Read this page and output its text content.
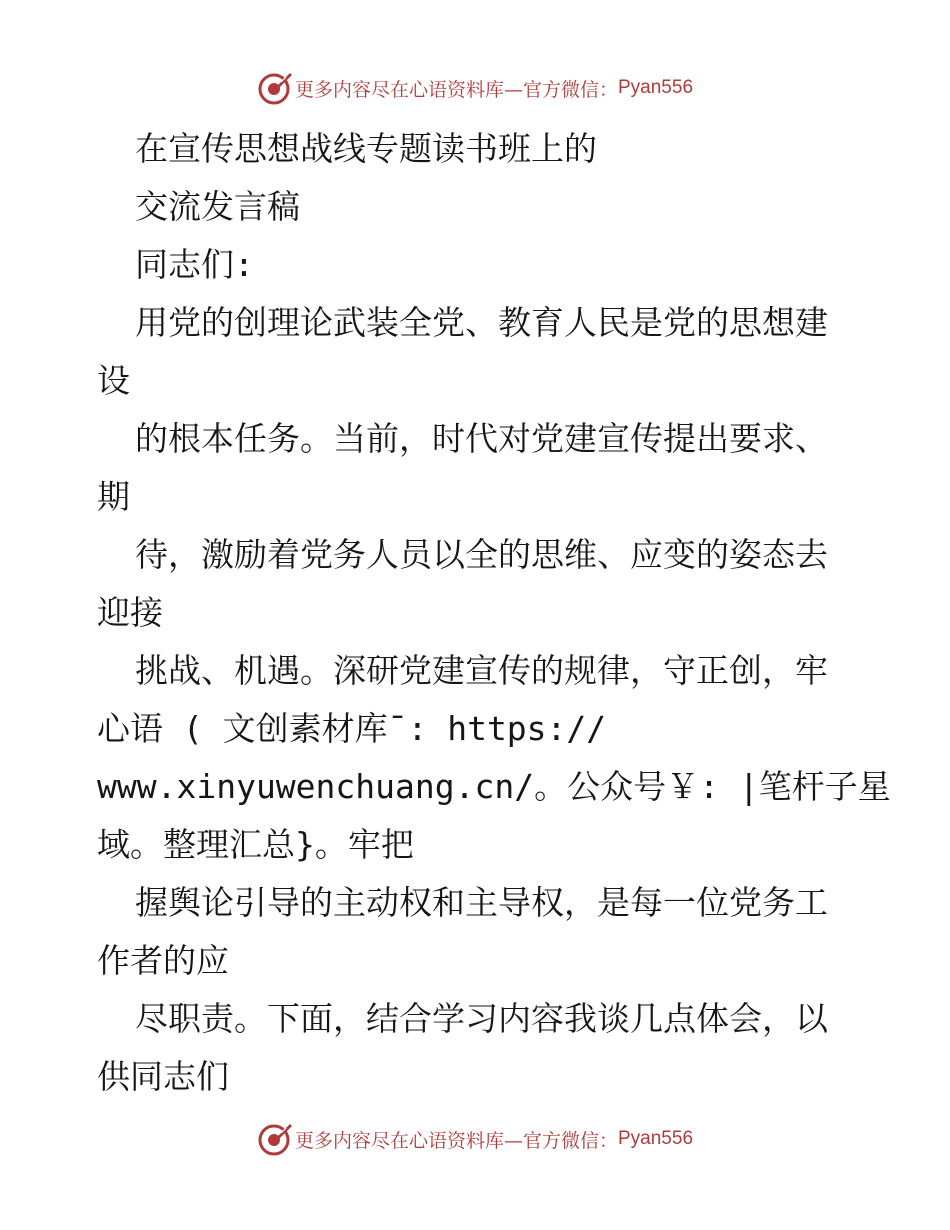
更多内容尽在心语资料库—官方微信： Pyan556
在宣传思想战线专题读书班上的
交流发言稿
同志们:
用党的创理论武装全党、教育人民是党的思想建
设
的根本任务。当前，时代对党建宣传提出要求、
期
待，激励着党务人员以全的思维、应变的姿态去
迎接
挑战、机遇。深研党建宣传的规律，守正创，牢
心语 ( 文创素材库¯: https://
www.xinyuwenchuang.cn/。公众号￥: |笔杆子星
域。整理汇总}。牢把
握舆论引导的主动权和主导权，是每一位党务工
作者的应
尽职责。下面，结合学习内容我谈几点体会，以
供同志们
更多内容尽在心语资料库—官方微信： Pyan556
